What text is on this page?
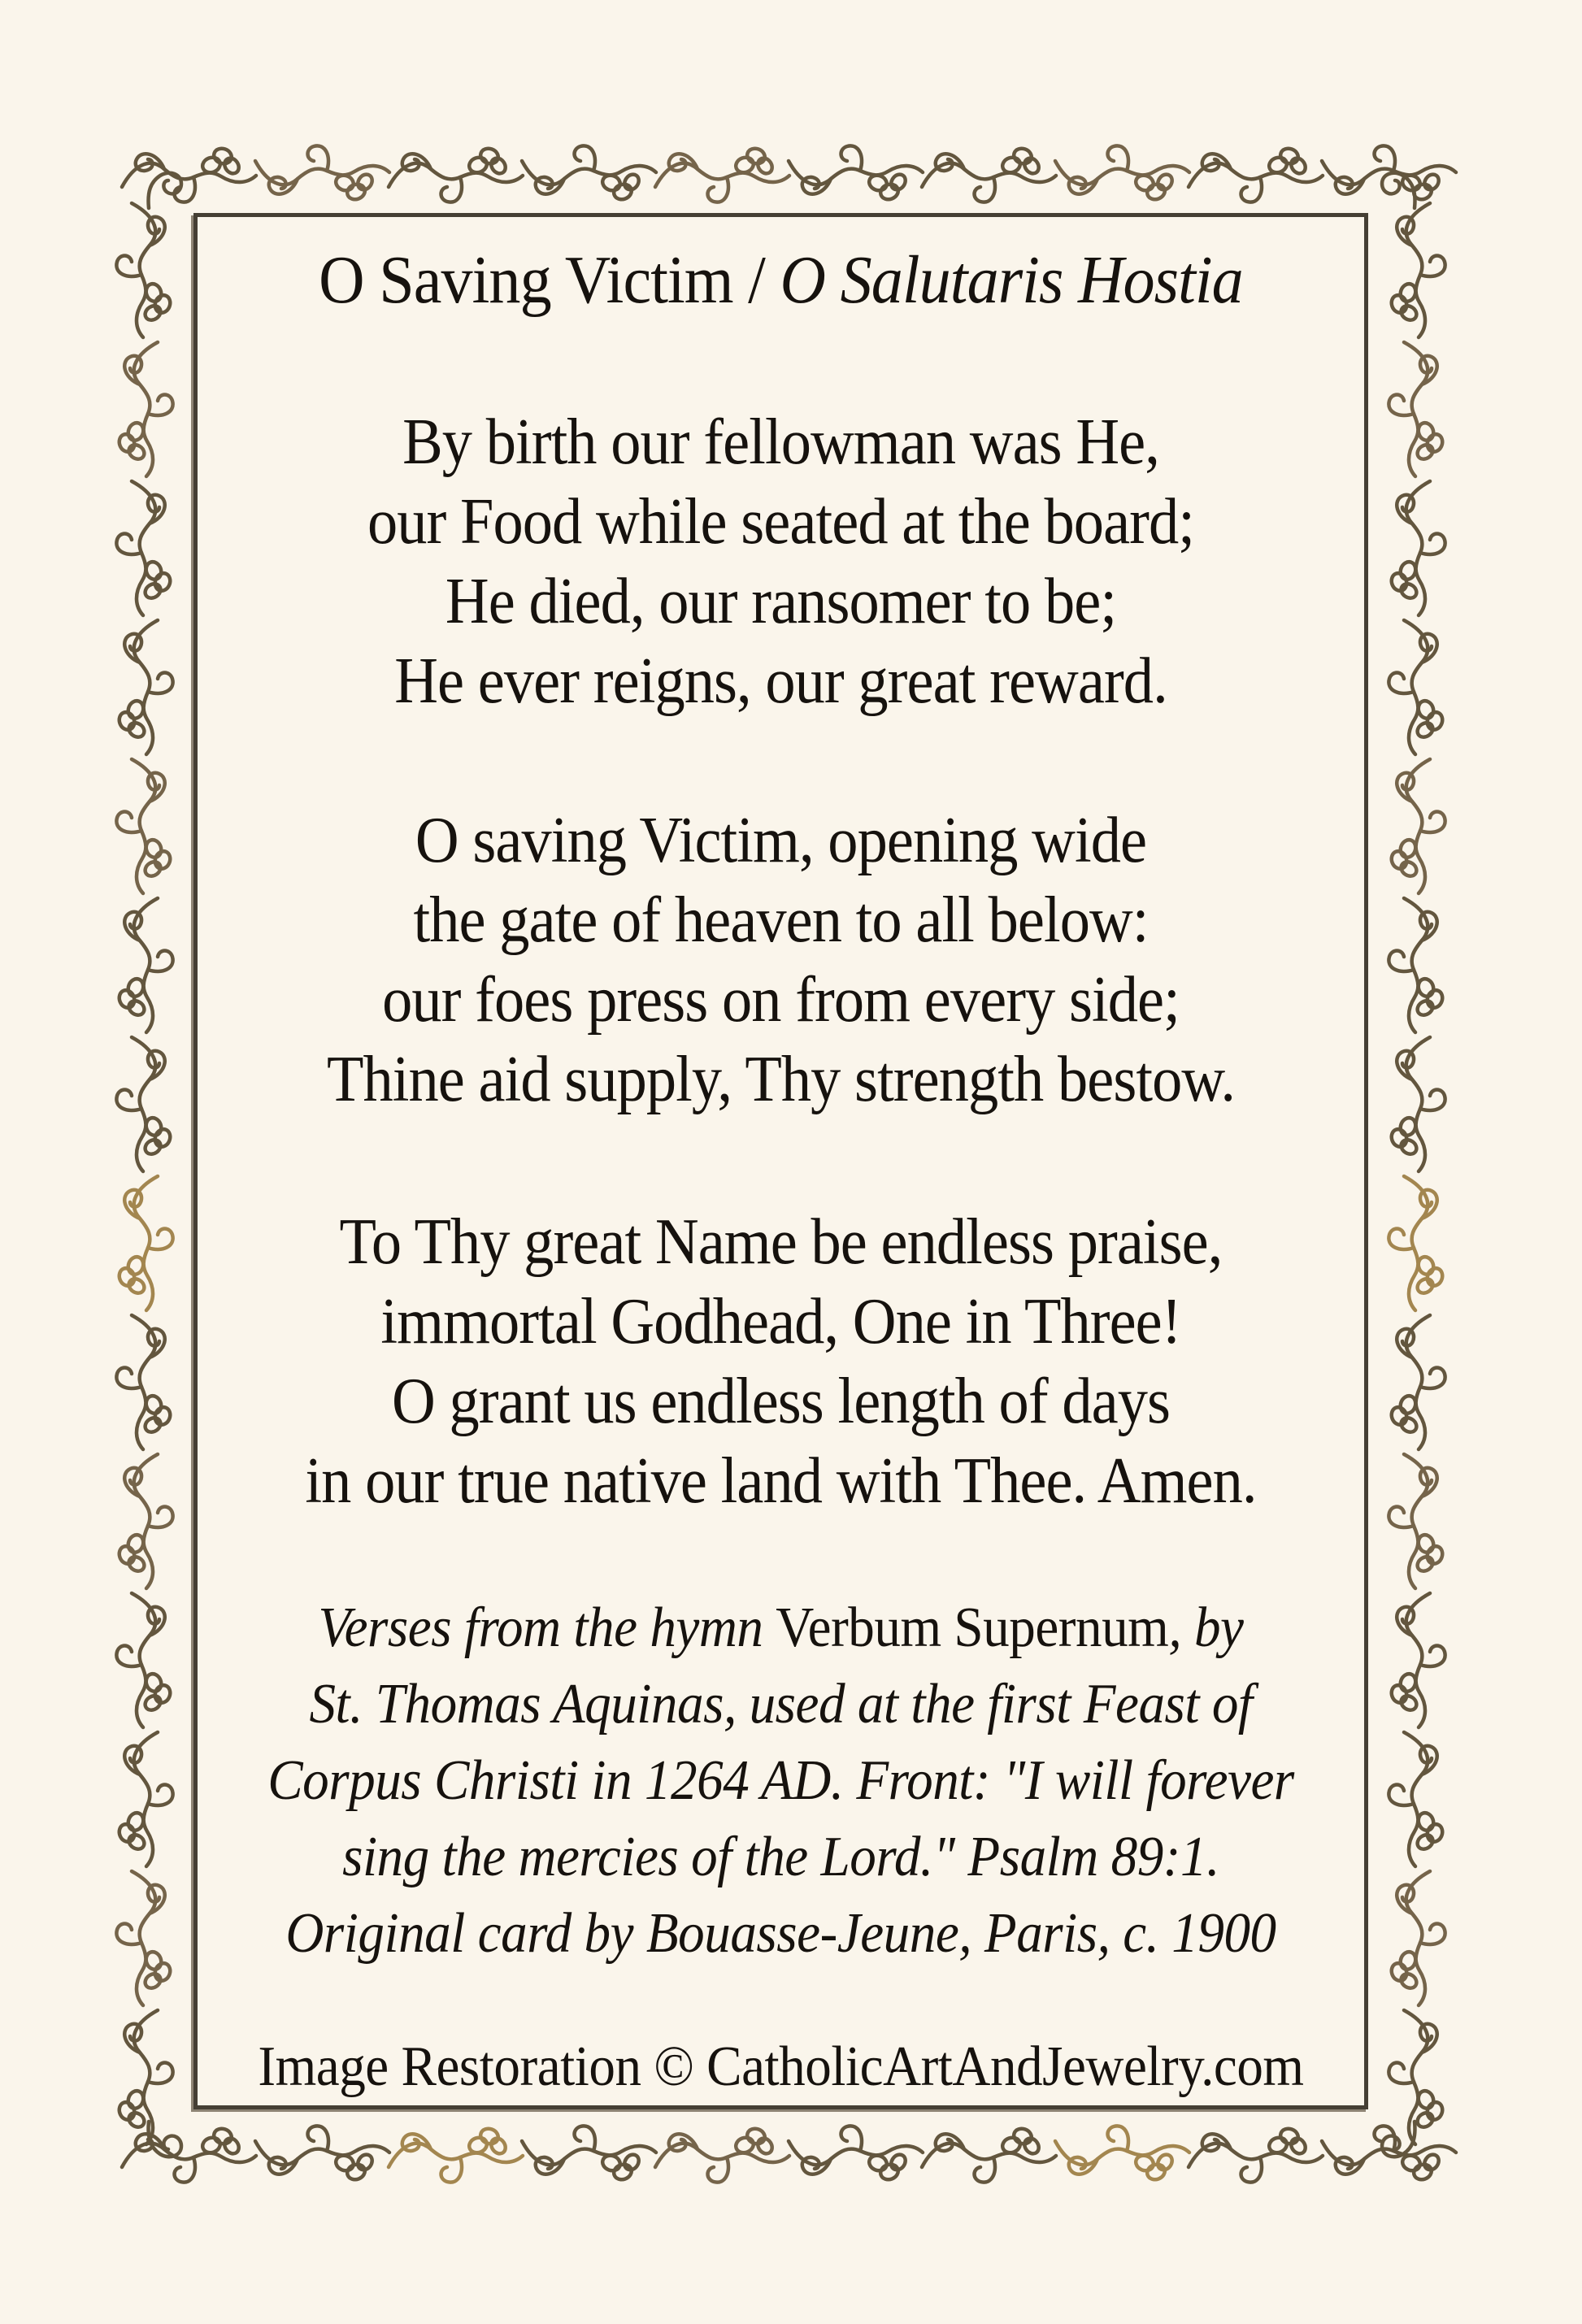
O Saving Victim / O Salutaris Hostia
By birth our fellowman was He,
our Food while seated at the board;
He died, our ransomer to be;
He ever reigns, our great reward.
O saving Victim, opening wide
the gate of heaven to all below:
our foes press on from every side;
Thine aid supply, Thy strength bestow.
To Thy great Name be endless praise,
immortal Godhead, One in Three!
O grant us endless length of days
in our true native land with Thee. Amen.
Verses from the hymn Verbum Supernum, by
St. Thomas Aquinas, used at the first Feast of
Corpus Christi in 1264 AD. Front: "I will forever
sing the mercies of the Lord." Psalm 89:1.
Original card by Bouasse-Jeune, Paris, c. 1900
Image Restoration © CatholicArtAndJewelry.com
